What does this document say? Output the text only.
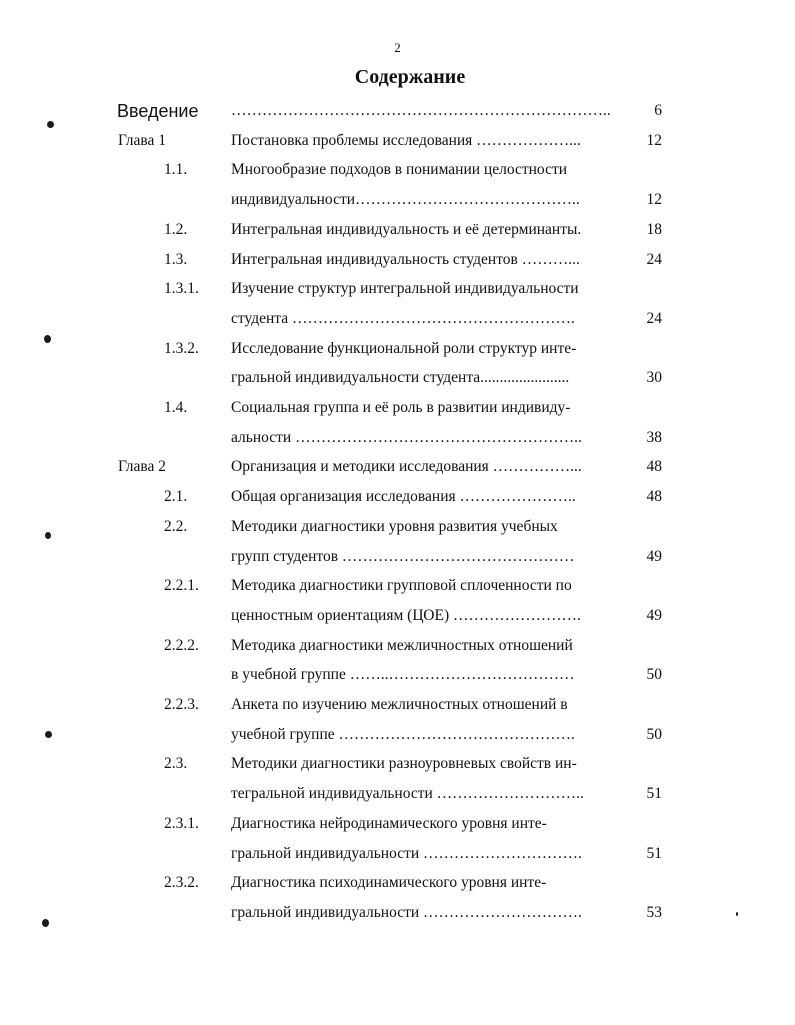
2
Содержание
Введение ………………………………………………………………..	6
Глава 1	Постановка проблемы исследования ………………...	12
1.1.	Многообразие подходов в понимании целостности
индивидуальности……………………………………..	12
1.2.	Интегральная индивидуальность и её детерминанты.	18
1.3.	Интегральная индивидуальность студентов ………...	24
1.3.1. Изучение структур интегральной индивидуальности
студента ……………………………………………….	24
1.3.2. Исследование функциональной роли структур инте-
гральной индивидуальности студента.......................	30
1.4.	Социальная группа и её роль в развитии индивиду-
альности ………………………………………………..	38
Глава 2	Организация и методики исследования ……………...	48
2.1.	Общая организация исследования …………………..	48
2.2.	Методики диагностики уровня развития учебных
групп студентов ………………………………………	49
2.2.1. Методика диагностики групповой сплоченности по
ценностным ориентациям (ЦОЕ) …………………….	49
2.2.2. Методика диагностики межличностных отношений
в учебной группе ……..………………………………	50
2.2.3. Анкета по изучению межличностных отношений в
учебной группе ……………………………………….	50
2.3.	Методики диагностики разноуровневых свойств ин-
тегральной индивидуальности ………………………..	51
2.3.1. Диагностика нейродинамического уровня инте-
гральной индивидуальности ………………………….	51
2.3.2. Диагностика психодинамического уровня инте-
гральной индивидуальности ………………………….	53
